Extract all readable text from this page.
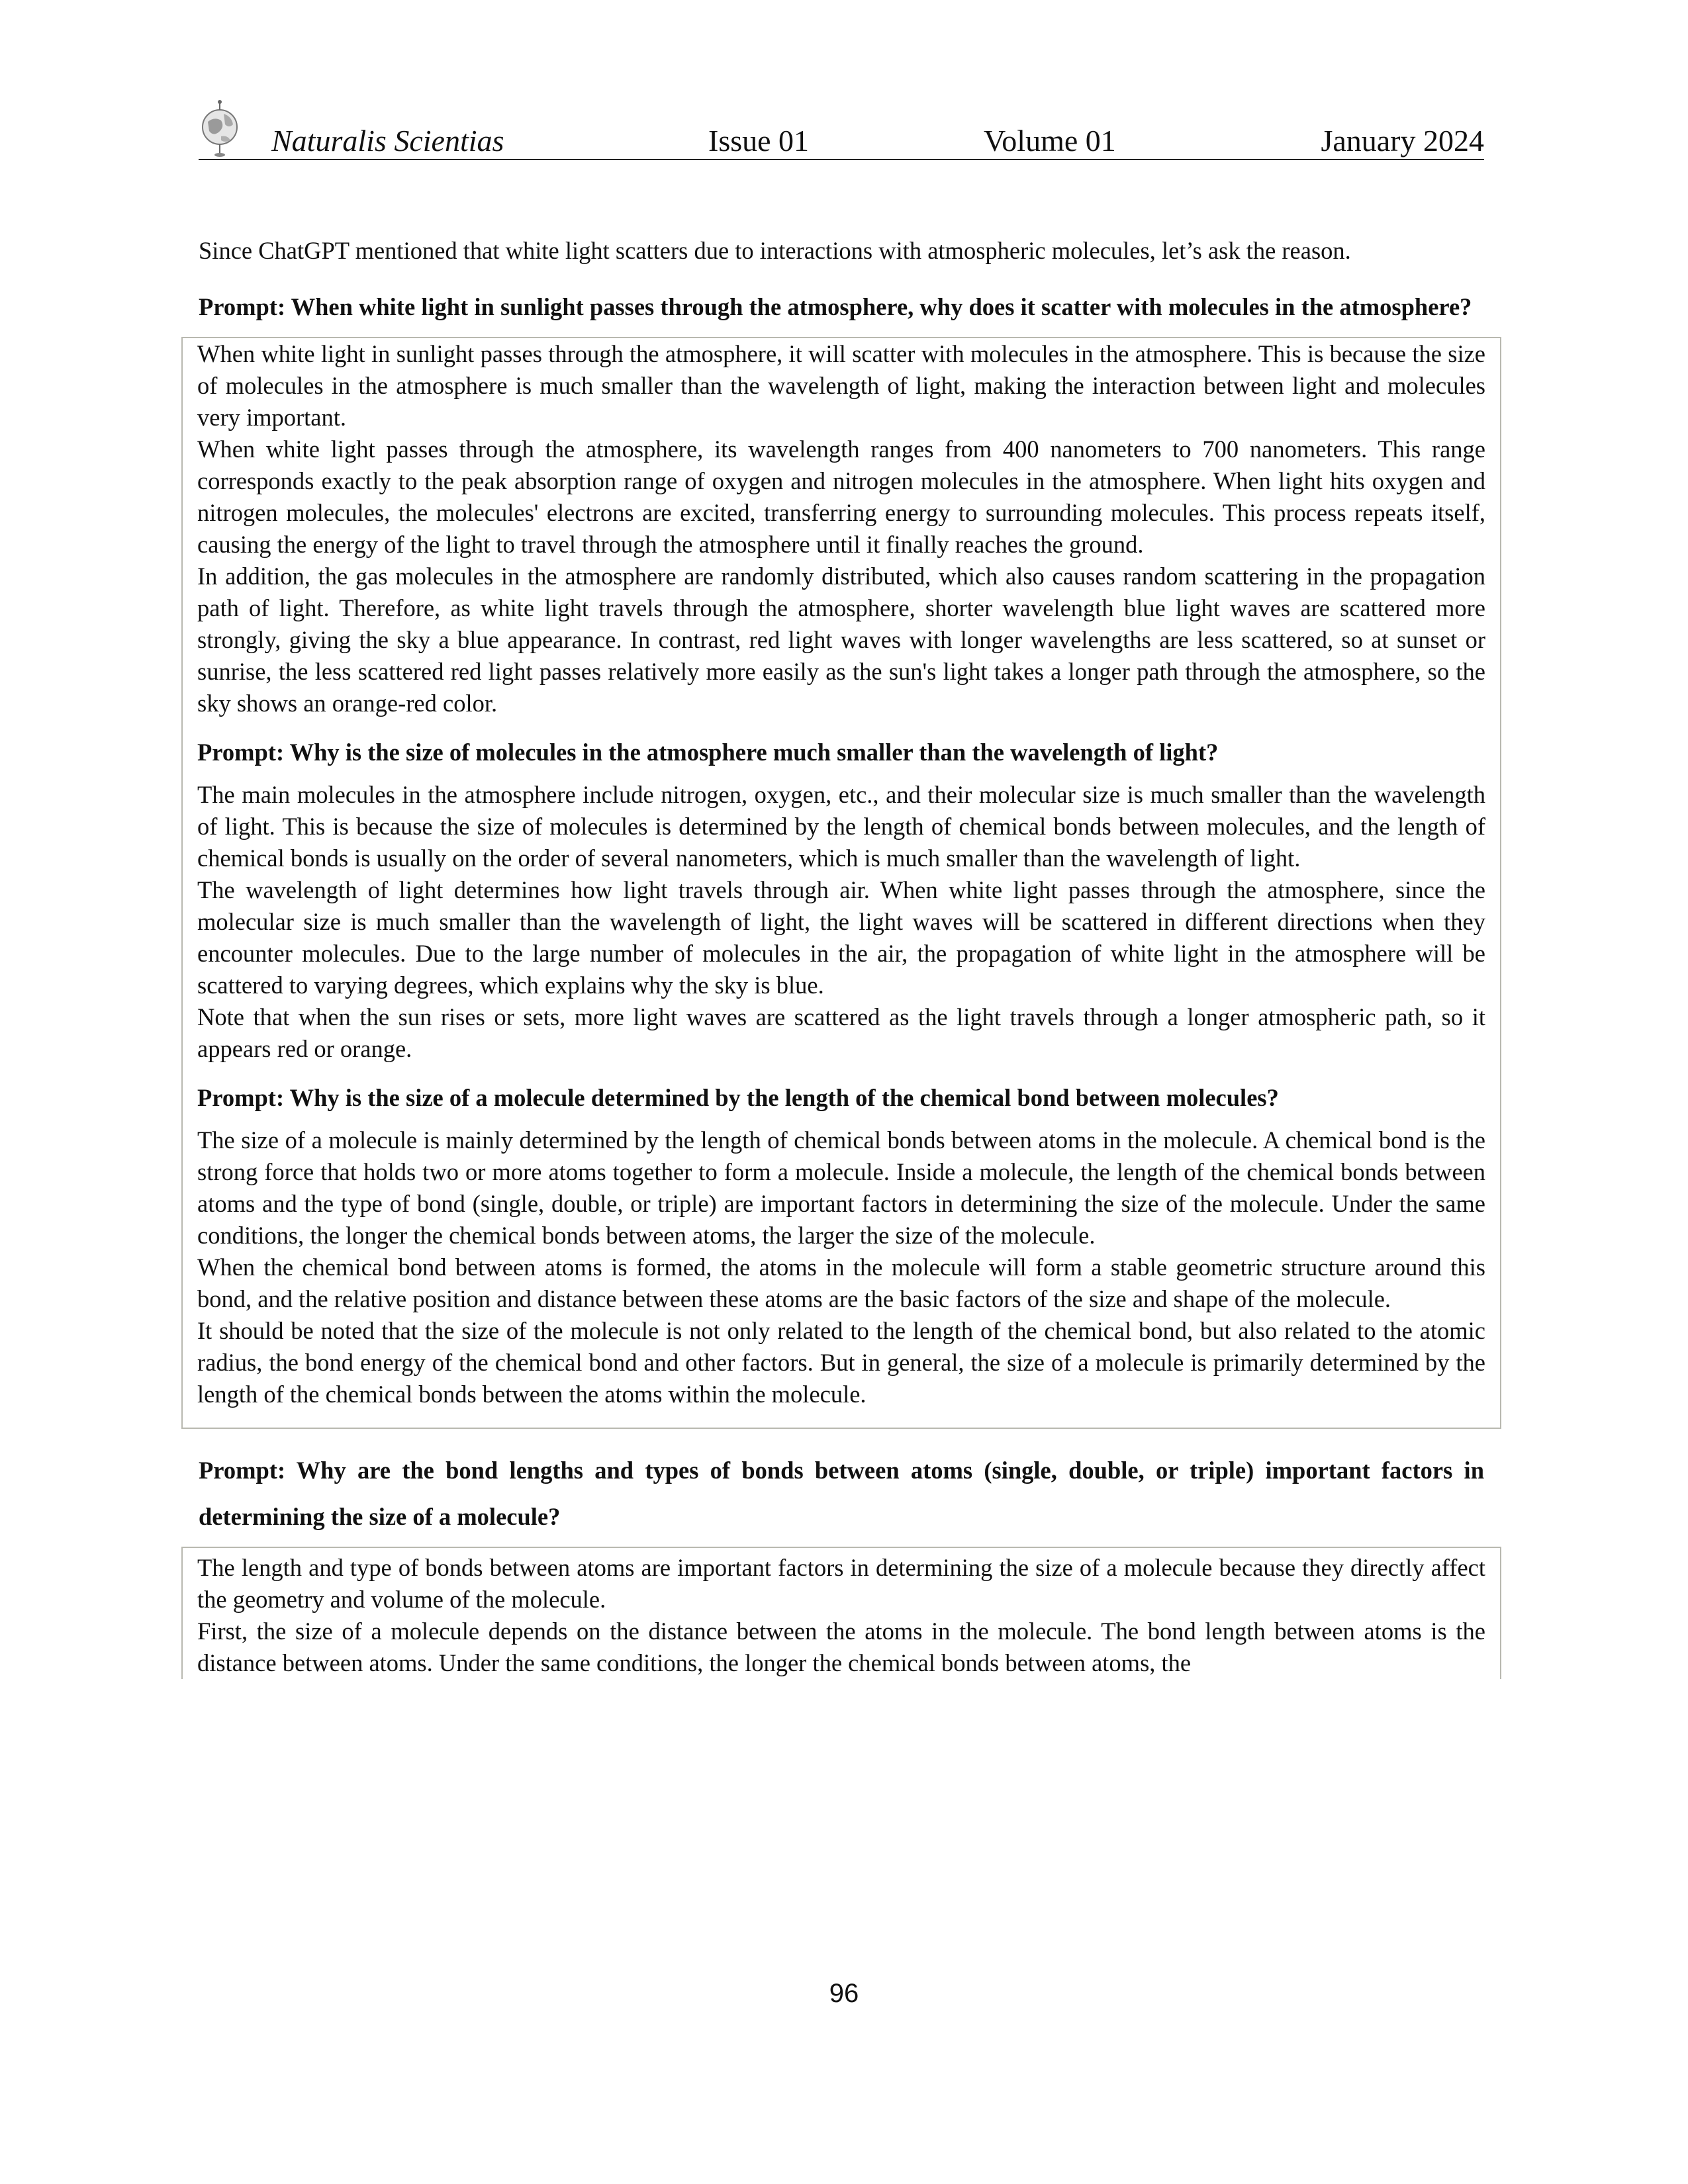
Naturalis Scientias	Issue 01	Volume 01	January 2024

Since ChatGPT mentioned that white light scatters due to interactions with atmospheric molecules, let’s ask the reason.

Prompt: When white light in sunlight passes through the atmosphere, why does it scatter with molecules in the atmosphere?

When white light in sunlight passes through the atmosphere, it will scatter with molecules in the atmosphere. This is because the size of molecules in the atmosphere is much smaller than the wavelength of light, making the interaction between light and molecules very important.

When white light passes through the atmosphere, its wavelength ranges from 400 nanometers to 700 nanometers. This range corresponds exactly to the peak absorption range of oxygen and nitrogen molecules in the atmosphere. When light hits oxygen and nitrogen molecules, the molecules' electrons are excited, transferring energy to surrounding molecules. This process repeats itself, causing the energy of the light to travel through the atmosphere until it finally reaches the ground.

In addition, the gas molecules in the atmosphere are randomly distributed, which also causes random scattering in the propagation path of light. Therefore, as white light travels through the atmosphere, shorter wavelength blue light waves are scattered more strongly, giving the sky a blue appearance. In contrast, red light waves with longer wavelengths are less scattered, so at sunset or sunrise, the less scattered red light passes relatively more easily as the sun's light takes a longer path through the atmosphere, so the sky shows an orange-red color.

Prompt: Why is the size of molecules in the atmosphere much smaller than the wavelength of light?

The main molecules in the atmosphere include nitrogen, oxygen, etc., and their molecular size is much smaller than the wavelength of light. This is because the size of molecules is determined by the length of chemical bonds between molecules, and the length of chemical bonds is usually on the order of several nanometers, which is much smaller than the wavelength of light.

The wavelength of light determines how light travels through air. When white light passes through the atmosphere, since the molecular size is much smaller than the wavelength of light, the light waves will be scattered in different directions when they encounter molecules. Due to the large number of molecules in the air, the propagation of white light in the atmosphere will be scattered to varying degrees, which explains why the sky is blue.

Note that when the sun rises or sets, more light waves are scattered as the light travels through a longer atmospheric path, so it appears red or orange.

Prompt: Why is the size of a molecule determined by the length of the chemical bond between molecules?

The size of a molecule is mainly determined by the length of chemical bonds between atoms in the molecule. A chemical bond is the strong force that holds two or more atoms together to form a molecule. Inside a molecule, the length of the chemical bonds between atoms and the type of bond (single, double, or triple) are important factors in determining the size of the molecule. Under the same conditions, the longer the chemical bonds between atoms, the larger the size of the molecule.

When the chemical bond between atoms is formed, the atoms in the molecule will form a stable geometric structure around this bond, and the relative position and distance between these atoms are the basic factors of the size and shape of the molecule.

It should be noted that the size of the molecule is not only related to the length of the chemical bond, but also related to the atomic radius, the bond energy of the chemical bond and other factors. But in general, the size of a molecule is primarily determined by the length of the chemical bonds between the atoms within the molecule.

Prompt: Why are the bond lengths and types of bonds between atoms (single, double, or triple) important factors in determining the size of a molecule?

The length and type of bonds between atoms are important factors in determining the size of a molecule because they directly affect the geometry and volume of the molecule.

First, the size of a molecule depends on the distance between the atoms in the molecule. The bond length between atoms is the distance between atoms. Under the same conditions, the longer the chemical bonds between atoms, the

96
